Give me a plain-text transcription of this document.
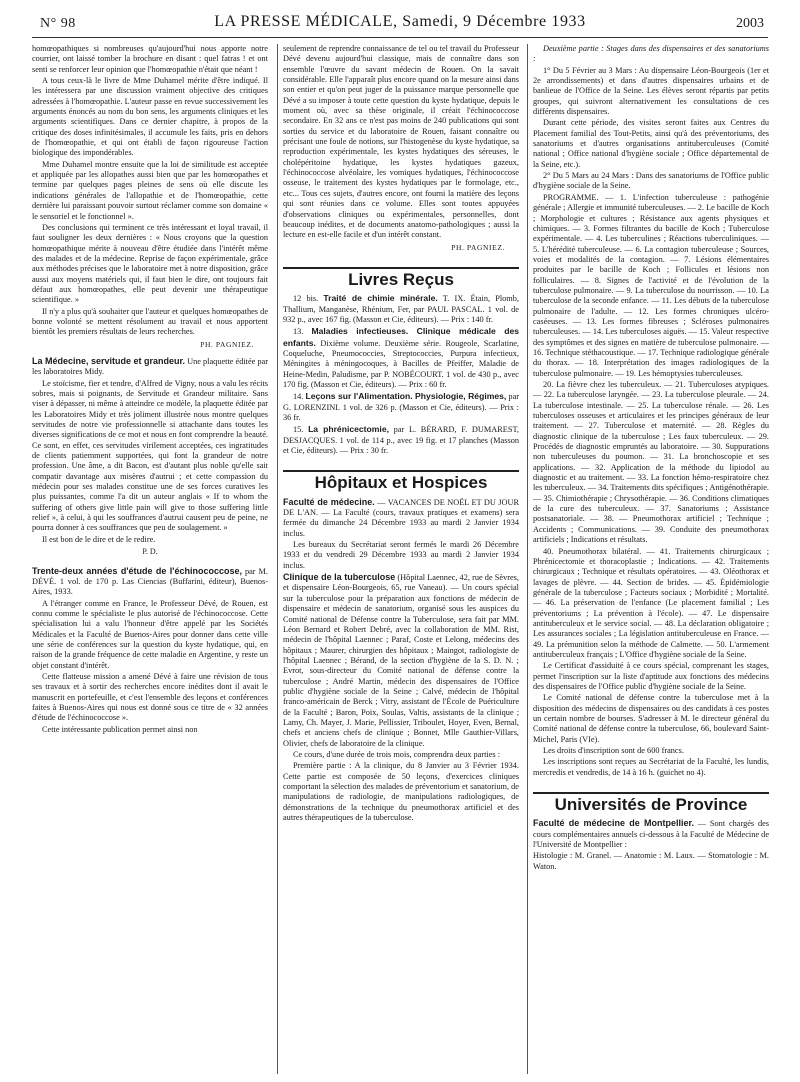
N° 98	LA PRESSE MÉDICALE, Samedi, 9 Décembre 1933	2003

homœopathiques si nombreuses qu'aujourd'hui nous apporte notre courrier, ont laissé tomber la brochure en disant : quel fatras ! et ont senti se renforcer leur opinion que l'homœopathie n'était que néant !

A tous ceux-là le livre de Mme Duhamel mérite d'être indiqué. Il les intéressera par une discussion vraiment objective des critiques adressées à l'homœopathie. L'auteur passe en revue successivement les arguments énoncés au nom du bon sens, les arguments cliniques et les arguments scientifiques. Dans ce dernier chapitre, à propos de la critique des doses infinitésimales, il accumule les faits, pris en dehors de l'homœopathie, et qui ont établi de façon rigoureuse l'action biologique des impondérables.

Mme Duhamel montre ensuite que la loi de similitude est acceptée et appliquée par les allopathes aussi bien que par les homœopathes et termine par quelques pages pleines de sens où elle discute les indications générales de l'allopathie et de l'homœopathie, cette dernière lui paraissant pouvoir surtout réclamer comme son domaine « le sensoriel et le fonctionnel ».

Des conclusions qui terminent ce très intéressant et loyal travail, il faut souligner les deux dernières : « Nous croyons que la question homœopathique mérite à nouveau d'être étudiée dans l'intérêt même des malades et de la médecine. Reprise de façon expérimentale, grâce aux méthodes précises que le laboratoire met à notre disposition, grâce aussi aux moyens matériels qui, il faut bien le dire, ont toujours fait défaut aux homœopathes, elle peut devenir une thérapeutique scientifique. »

Il n'y a plus qu'à souhaiter que l'auteur et quelques homœopathes de bonne volonté se mettent résolument au travail et nous apportent bientôt les premiers résultats de leurs recherches.

PH. PAGNIEZ.

La Médecine, servitude et grandeur. Une plaquette éditée par les laboratoires Midy.

Le stoïcisme, fier et tendre, d'Alfred de Vigny, nous a valu les récits sobres, mais si poignants, de Servitude et Grandeur militaire. Sans viser à dépasser, ni même à atteindre ce modèle, la plaquette éditée par les Laboratoires Midy et très joliment illustrée nous montre quelques servitudes de notre vie professionnelle si attachante dans toutes les diverses significations de ce mot et nous en font comprendre la beauté. Ce sont, en effet, ces servitudes virilement acceptées, ces ingratitudes de clients patiemment supportées, qui font la grandeur de notre profession. Une âme, a dit Bacon, est d'autant plus noble qu'elle sait compatir davantage aux misères d'autrui ; et cette compassion du médecin pour ses malades constitue une de ses forces curatives les plus puissantes, comme l'a dit un auteur anglais « If to whom the suffering of others give little pain will give to those suffering little relief », à celui, à qui les souffrances d'autrui causent peu de peine, ne pourra donner à ces souffrances que peu de soulagement. »

Il est bon de le dire et de le redire.

P. D.

Trente-deux années d'étude de l'échinococcose, par M. DÉVÉ. 1 vol. de 170 p. Las Ciencias (Buffarini, éditeur), Buenos-Aires, 1933.

A l'étranger comme en France, le Professeur Dévé, de Rouen, est connu comme le spécialiste le plus autorisé de l'échinococcose. Cette spécialisation lui a valu l'honneur d'être appelé par les Sociétés Médicales et la Faculté de Buenos-Aires pour donner dans cette ville une série de conférences sur la question du kyste hydatique, qui, en raison de la grande fréquence de cette maladie en Argentine, y reste un objet constant d'intérêt.

Cette flatteuse mission a amené Dévé à faire une révision de tous ses travaux et à sortir des recherches encore inédites dont il avait le manuscrit en portefeuille, et c'est l'ensemble des leçons et conférences faites à Buenos-Aires qui nous est donné sous ce titre de « 32 années d'étude de l'échinococcose ».

Cette intéressante publication permet ainsi non

seulement de reprendre connaissance de tel ou tel travail du Professeur Dévé devenu aujourd'hui classique, mais de connaître dans son ensemble l'œuvre du savant médecin de Rouen. On la savait considérable. Elle l'apparaît plus encore quand on la mesure ainsi dans son entier et qu'on peut juger de la puissance marque personnelle que Dévé a su imposer à toute cette question du kyste hydatique, depuis le moment où, avec sa thèse originale, il créait l'échinococcose secondaire. En 32 ans ce n'est pas moins de 240 publications qui sont sorties du service et du laboratoire de Rouen, faisant connaître ou précisant une foule de notions, sur l'histogenèse du kyste hydatique, sa reproduction expérimentale, les kystes hydatiques des séreuses, le cholépéritoine hydatique, les kystes hydatiques gazeux, l'échinococcose alvéolaire, les vomiques hydatiques, l'échinococcose osseuse, le traitement des kystes hydatiques par le formolage, etc., etc... Tous ces sujets, d'autres encore, ont fourni la matière des leçons qui sont réunies dans ce volume. Elles sont toutes appuyées d'observations cliniques ou expérimentales, personnelles, dont beaucoup inédites, et de documents anatomo-pathologiques ; aussi la lecture en est-elle facile et d'un intérêt constant.

PH. PAGNIEZ.
Livres Reçus

12 bis. Traité de chimie minérale. T. IX. Étain, Plomb, Thallium, Manganèse, Rhénium, Fer, par PAUL PASCAL. 1 vol. de 932 p., avec 167 fig. (Masson et Cie, éditeurs). — Prix : 140 fr.

13. Maladies infectieuses. Clinique médicale des enfants. Dixième volume. Deuxième série. Rougeole, Scarlatine, Coqueluche, Pneumococcies, Streptococcies, Purpura infectieux, Méningites à méningocoques, à Bacilles de Pfeiffer, Maladie de Heine-Medin, Paludisme, par P. NOBÉCOURT. 1 vol. de 430 p., avec 170 fig. (Masson et Cie, éditeurs). — Prix : 60 fr.

14. Leçons sur l'Alimentation. Physiologie, Régimes, par G. LORENZINI. 1 vol. de 326 p. (Masson et Cie, éditeurs). — Prix : 36 fr.

15. La phrénicectomie, par L. BÉRARD, F. DUMAREST, DESJACQUES. 1 vol. de 114 p., avec 19 fig. et 17 planches (Masson et Cie, éditeurs). — Prix : 30 fr.

Hôpitaux et Hospices

Faculté de médecine. — VACANCES DE NOËL ET DU JOUR DE L'AN. — La Faculté (cours, travaux pratiques et examens) sera fermée du dimanche 24 Décembre 1933 au mardi 2 Janvier 1934 inclus.

Les bureaux du Secrétariat seront fermés le mardi 26 Décembre 1933 et du vendredi 29 Décembre 1933 au mardi 2 Janvier 1934 inclus.

Clinique de la tuberculose (Hôpital Laennec, 42, rue de Sèvres, et dispensaire Léon-Bourgeois, 65, rue Vaneau). — Un cours spécial sur la tuberculose pour la préparation aux fonctions de médecin de dispensaire et médecin de sanatorium, organisé sous les auspices du Comité national de Défense contre la Tuberculose, sera fait par MM. Léon Bernard et Robert Debré, avec la collaboration de MM. Rist, médecin de l'hôpital Laennec ; Paraf, Coste et Lelong, médecins des hôpitaux ; Maurer, chirurgien des hôpitaux ; Maingot, radiologiste de l'hôpital Laennec ; Bérand, de la section d'hygiène de la S. D. N. ; Evrot, sous-directeur du Comité national de défense contre la tuberculose ; André Martin, médecin des dispensaires de l'Office public d'hygiène sociale de la Seine ; Calvé, médecin de l'hôpital franco-américain de Berck ; Vitry, assistant de l'École de Puériculture de la Faculté ; Baron, Poix, Soulas, Valtis, assistants de la clinique ; Lamy, Ch. Mayer, J. Marie, Pellissier, Triboulet, Hoyer, Even, Bernal, chefs et anciens chefs de clinique ; Bonnet, Mlle Gauthier-Villars, Olivier, chefs de laboratoire de la clinique.

Ce cours, d'une durée de trois mois, comprendra deux parties :

Première partie : A la clinique, du 8 Janvier au 3 Février 1934. Cette partie est composée de 50 leçons, d'exercices cliniques comportant la sélection des malades de préventorium et sanatorium, de manipulations de radiologie, de manipulations radiologiques, de démonstrations de la technique du pneumothorax artificiel et des autres thérapeutiques de la tuberculose.

Deuxième partie : Stages dans des dispensaires et des sanatoriums :

1° Du 5 Février au 3 Mars : Au dispensaire Léon-Bourgeois (1er et 2e arrondissements) et dans d'autres dispensaires urbains et de banlieue de l'Office de la Seine. Les élèves seront répartis par petits groupes, qui suivront alternativement les consultations de ces différents dispensaires.

Durant cette période, des visites seront faites aux Centres du Placement familial des Tout-Petits, ainsi qu'à des préventoriums, des sanatoriums et d'autres organisations antituberculeuses (Comité national ; Office national d'hygiène sociale ; Office départemental de la Seine, etc.).

2° Du 5 Mars au 24 Mars : Dans des sanatoriums de l'Office public d'hygiène sociale de la Seine.

PROGRAMME. — 1. L'infection tuberculeuse : pathogénie générale ; Allergie et immunité tuberculeuses. — 2. Le bacille de Koch ; Morphologie et cultures ; Résistance aux agents physiques et chimiques. — 3. Formes filtrantes du bacille de Koch ; Tuberculose expérimentale. — 4. Les tuberculines ; Réactions tuberculiniques. — 5. L'hérédité tuberculeuse. — 6. La contagion tuberculeuse ; Sources, voies et modalités de la contagion. — 7. Lésions élémentaires produites par le bacille de Koch ; Follicules et lésions non folliculaires. — 8. Signes de l'activité et de l'évolution de la tuberculose pulmonaire. — 9. La tuberculose du nourrisson. — 10. La tuberculose de la seconde enfance. — 11. Les débuts de la tuberculose pulmonaire de l'adulte. — 12. Les formes chroniques ulcéro-caséeuses. — 13. Les formes fibreuses ; Scléroses pulmonaires tuberculeuses. — 14. Les tuberculoses aiguës. — 15. Valeur respective des symptômes et des signes en matière de tuberculose pulmonaire. — 16. Technique stéthacoustique. — 17. Technique radiologique générale du thorax. — 18. Interprétation des images radiologiques de la tuberculose pulmonaire. — 19. Les hémoptysies tuberculeuses.

20. La fièvre chez les tuberculeux. — 21. Tuberculoses atypiques. — 22. La tuberculose laryngée. — 23. La tuberculose pleurale. — 24. La tuberculose intestinale. — 25. La tuberculose rénale. — 26. Les tuberculoses osseuses et articulaires et les principes généraux de leur traitement. — 27. Tuberculose et maternité. — 28. Règles du diagnostic clinique de la tuberculose ; Les faux tuberculeux. — 29. Procédés de diagnostic empruntés au laboratoire. — 30. Suppurations non tuberculeuses du poumon. — 31. La bronchoscopie et ses applications. — 32. Application de la méthode du lipiodol au diagnostic et au traitement. — 33. La fonction hémo-respiratoire chez les tuberculeux. — 34. Traitements dits spécifiques ; Antigénothérapie. — 35. Chimiothérapie ; Chrysothérapie. — 36. Conditions climatiques de la cure des tuberculeux. — 37. Sanatoriums ; Assistance postsanatoriale. — 38. — Pneumothorax artificiel ; Technique ; Accidents ; Communications. — 39. Conduite des pneumothorax artificiels ; Indications et résultats.

40. Pneumothorax bilatéral. — 41. Traitements chirurgicaux ; Phrénicectomie et thoracoplastie ; Indications. — 42. Traitements chirurgicaux ; Technique et résultats opératoires. — 43. Oléothorax et lavages de plèvre. — 44. Section de brides. — 45. Épidémiologie générale de la tuberculose ; Facteurs sociaux ; Morbidité ; Mortalité. — 46. La préservation de l'enfance (Le placement familial ; Les préventoriums ; La prévention à l'école). — 47. Le dispensaire antituberculeux et le service social. — 48. La déclaration obligatoire ; Les assurances sociales ; La législation antituberculeuse en France. — 49. La prémunition selon la méthode de Calmette. — 50. L'armement antituberculeux français ; L'Office d'hygiène sociale de la Seine.

Le Certificat d'assiduité à ce cours spécial, comprenant les stages, permet l'inscription sur la liste d'aptitude aux fonctions des médecins des dispensaires de l'Office public d'hygiène sociale de la Seine.

Le Comité national de défense contre la tuberculose met à la disposition des médecins de dispensaires ou des candidats à ces postes un certain nombre de bourses. S'adresser à M. le directeur général du Comité national de défense contre la tuberculose, 66, boulevard Saint-Michel, Paris (VIe).

Les droits d'inscription sont de 600 francs.

Les inscriptions sont reçues au Secrétariat de la Faculté, les lundis, mercredis et vendredis, de 14 à 16 h. (guichet no 4).

Universités de Province

Faculté de médecine de Montpellier. — Sont chargés des cours complémentaires annuels ci-dessous à la Faculté de Médecine de l'Université de Montpellier :

Histologie : M. Granel. — Anatomie : M. Laux. — Stomatologie : M. Waton.
